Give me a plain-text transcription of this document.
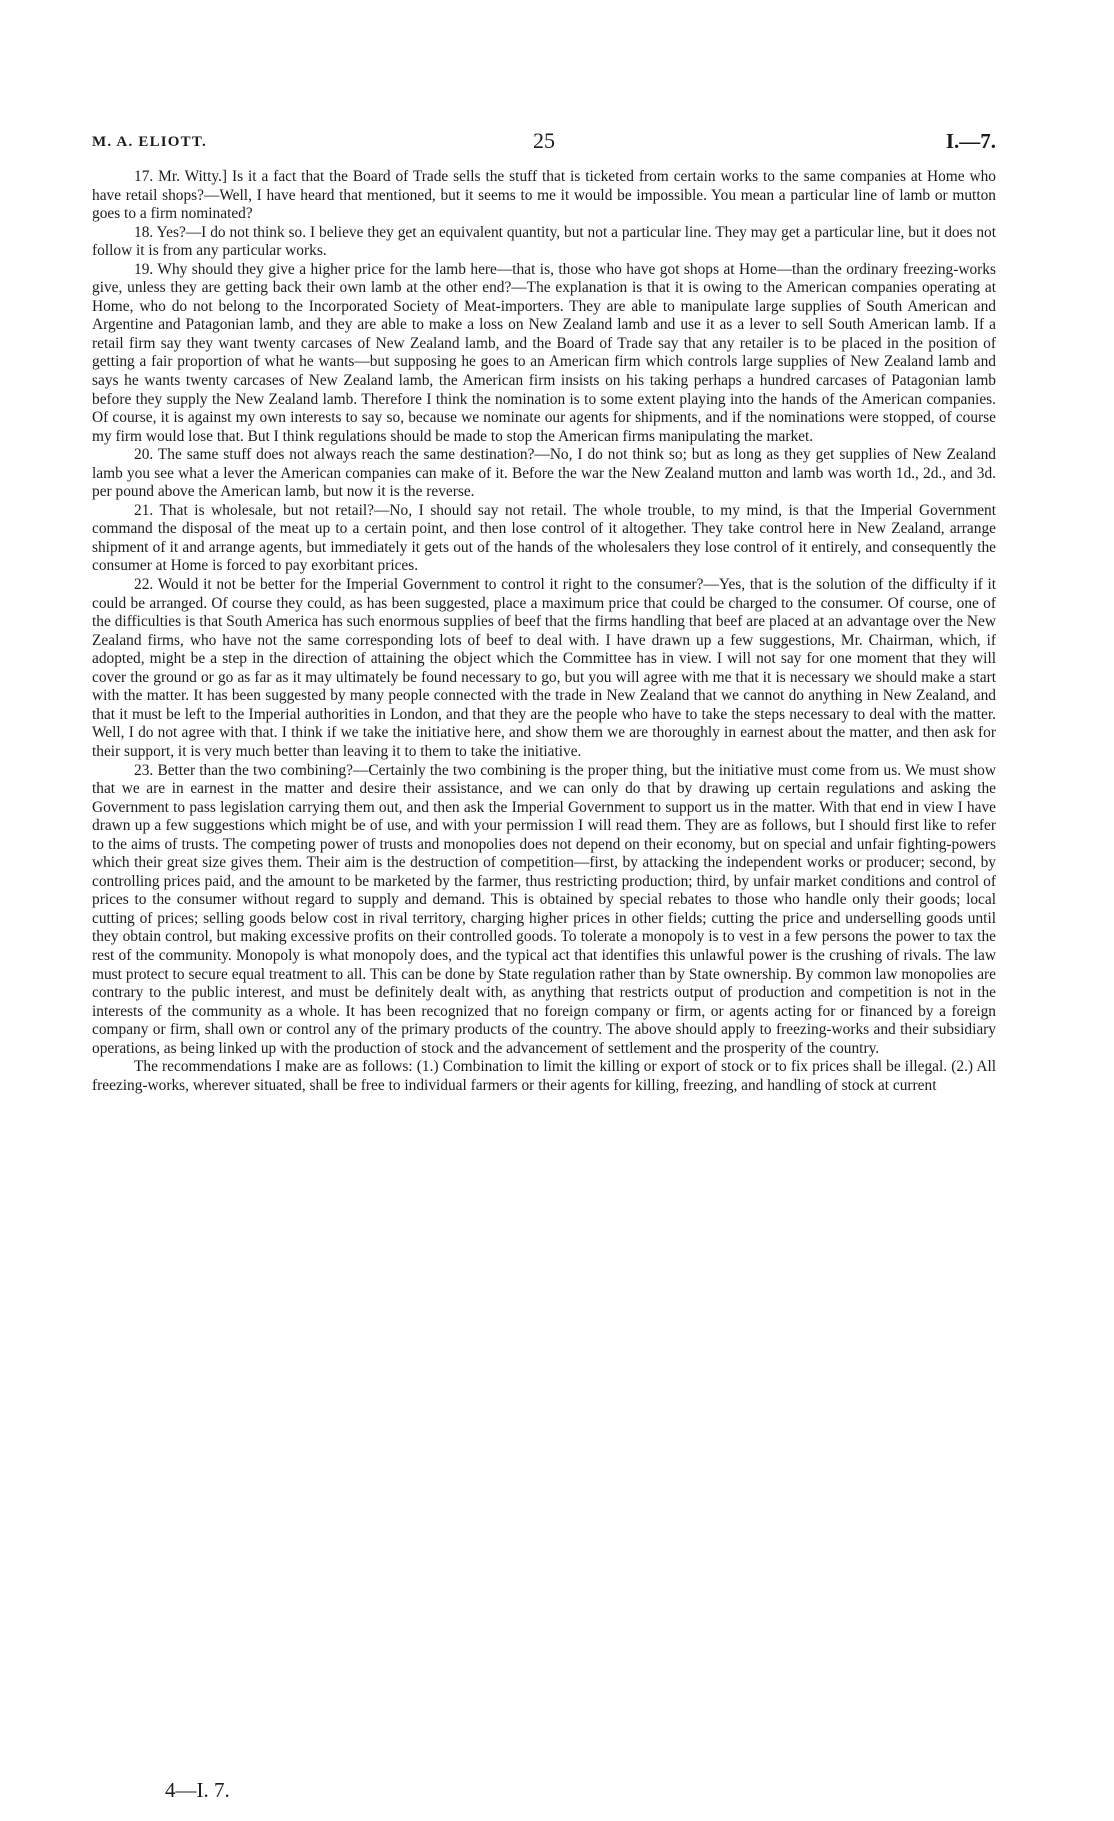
M. A. ELIOTT.	25	I.—7.

17. Mr. Witty.] Is it a fact that the Board of Trade sells the stuff that is ticketed from certain works to the same companies at Home who have retail shops?—Well, I have heard that mentioned, but it seems to me it would be impossible. You mean a particular line of lamb or mutton goes to a firm nominated?

18. Yes?—I do not think so. I believe they get an equivalent quantity, but not a particular line. They may get a particular line, but it does not follow it is from any particular works.

19. Why should they give a higher price for the lamb here—that is, those who have got shops at Home—than the ordinary freezing-works give, unless they are getting back their own lamb at the other end?—The explanation is that it is owing to the American companies operating at Home, who do not belong to the Incorporated Society of Meat-importers. They are able to manipulate large supplies of South American and Argentine and Patagonian lamb, and they are able to make a loss on New Zealand lamb and use it as a lever to sell South American lamb. If a retail firm say they want twenty carcases of New Zealand lamb, and the Board of Trade say that any retailer is to be placed in the position of getting a fair proportion of what he wants—but supposing he goes to an American firm which controls large supplies of New Zealand lamb and says he wants twenty carcases of New Zealand lamb, the American firm insists on his taking perhaps a hundred carcases of Patagonian lamb before they supply the New Zealand lamb. Therefore I think the nomination is to some extent playing into the hands of the American companies. Of course, it is against my own interests to say so, because we nominate our agents for shipments, and if the nominations were stopped, of course my firm would lose that. But I think regulations should be made to stop the American firms manipulating the market.

20. The same stuff does not always reach the same destination?—No, I do not think so; but as long as they get supplies of New Zealand lamb you see what a lever the American companies can make of it. Before the war the New Zealand mutton and lamb was worth 1d., 2d., and 3d. per pound above the American lamb, but now it is the reverse.

21. That is wholesale, but not retail?—No, I should say not retail. The whole trouble, to my mind, is that the Imperial Government command the disposal of the meat up to a certain point, and then lose control of it altogether. They take control here in New Zealand, arrange shipment of it and arrange agents, but immediately it gets out of the hands of the wholesalers they lose control of it entirely, and consequently the consumer at Home is forced to pay exorbitant prices.

22. Would it not be better for the Imperial Government to control it right to the consumer?—Yes, that is the solution of the difficulty if it could be arranged. Of course they could, as has been suggested, place a maximum price that could be charged to the consumer. Of course, one of the difficulties is that South America has such enormous supplies of beef that the firms handling that beef are placed at an advantage over the New Zealand firms, who have not the same corresponding lots of beef to deal with. I have drawn up a few suggestions, Mr. Chairman, which, if adopted, might be a step in the direction of attaining the object which the Committee has in view. I will not say for one moment that they will cover the ground or go as far as it may ultimately be found necessary to go, but you will agree with me that it is necessary we should make a start with the matter. It has been suggested by many people connected with the trade in New Zealand that we cannot do anything in New Zealand, and that it must be left to the Imperial authorities in London, and that they are the people who have to take the steps necessary to deal with the matter. Well, I do not agree with that. I think if we take the initiative here, and show them we are thoroughly in earnest about the matter, and then ask for their support, it is very much better than leaving it to them to take the initiative.

23. Better than the two combining?—Certainly the two combining is the proper thing, but the initiative must come from us. We must show that we are in earnest in the matter and desire their assistance, and we can only do that by drawing up certain regulations and asking the Government to pass legislation carrying them out, and then ask the Imperial Government to support us in the matter. With that end in view I have drawn up a few suggestions which might be of use, and with your permission I will read them. They are as follows, but I should first like to refer to the aims of trusts. The competing power of trusts and monopolies does not depend on their economy, but on special and unfair fighting-powers which their great size gives them. Their aim is the destruction of competition—first, by attacking the independent works or producer; second, by controlling prices paid, and the amount to be marketed by the farmer, thus restricting production; third, by unfair market conditions and control of prices to the consumer without regard to supply and demand. This is obtained by special rebates to those who handle only their goods; local cutting of prices; selling goods below cost in rival territory, charging higher prices in other fields; cutting the price and underselling goods until they obtain control, but making excessive profits on their controlled goods. To tolerate a monopoly is to vest in a few persons the power to tax the rest of the community. Monopoly is what monopoly does, and the typical act that identifies this unlawful power is the crushing of rivals. The law must protect to secure equal treatment to all. This can be done by State regulation rather than by State ownership. By common law monopolies are contrary to the public interest, and must be definitely dealt with, as anything that restricts output of production and competition is not in the interests of the community as a whole. It has been recognized that no foreign company or firm, or agents acting for or financed by a foreign company or firm, shall own or control any of the primary products of the country. The above should apply to freezing-works and their subsidiary operations, as being linked up with the production of stock and the advancement of settlement and the prosperity of the country.

The recommendations I make are as follows: (1.) Combination to limit the killing or export of stock or to fix prices shall be illegal. (2.) All freezing-works, wherever situated, shall be free to individual farmers or their agents for killing, freezing, and handling of stock at current

4—I. 7.
